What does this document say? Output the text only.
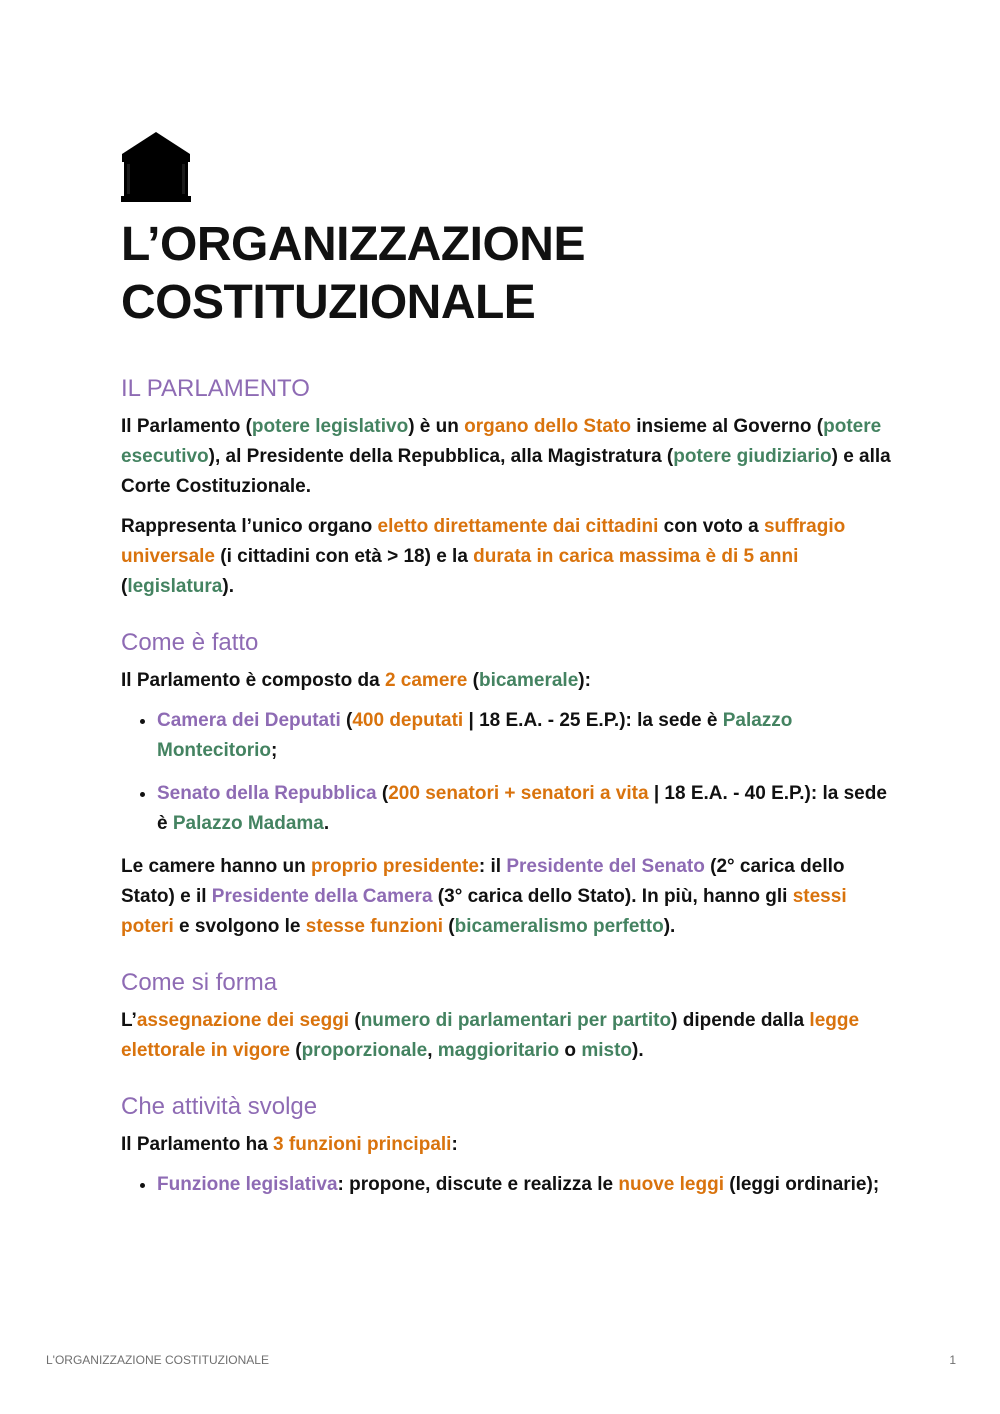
L’ORGANIZZAZIONE
COSTITUZIONALE
IL PARLAMENTO

Il Parlamento (potere legislativo) è un organo dello Stato insieme al Governo (potere esecutivo), al Presidente della Repubblica, alla Magistratura (potere giudiziario) e alla Corte Costituzionale.

Rappresenta l’unico organo eletto direttamente dai cittadini con voto a suffragio universale (i cittadini con età > 18) e la durata in carica massima è di 5 anni (legislatura).

Come è fatto

Il Parlamento è composto da 2 camere (bicamerale):

• Camera dei Deputati (400 deputati | 18 E.A. - 25 E.P.): la sede è Palazzo Montecitorio;
• Senato della Repubblica (200 senatori + senatori a vita | 18 E.A. - 40 E.P.): la sede è Palazzo Madama.

Le camere hanno un proprio presidente: il Presidente del Senato (2° carica dello Stato) e il Presidente della Camera (3° carica dello Stato). In più, hanno gli stessi poteri e svolgono le stesse funzioni (bicameralismo perfetto).

Come si forma

L’assegnazione dei seggi (numero di parlamentari per partito) dipende dalla legge elettorale in vigore (proporzionale, maggioritario o misto).

Che attività svolge

Il Parlamento ha 3 funzioni principali:

• Funzione legislativa: propone, discute e realizza le nuove leggi (leggi ordinarie);
L'ORGANIZZAZIONE COSTITUZIONALE	1
